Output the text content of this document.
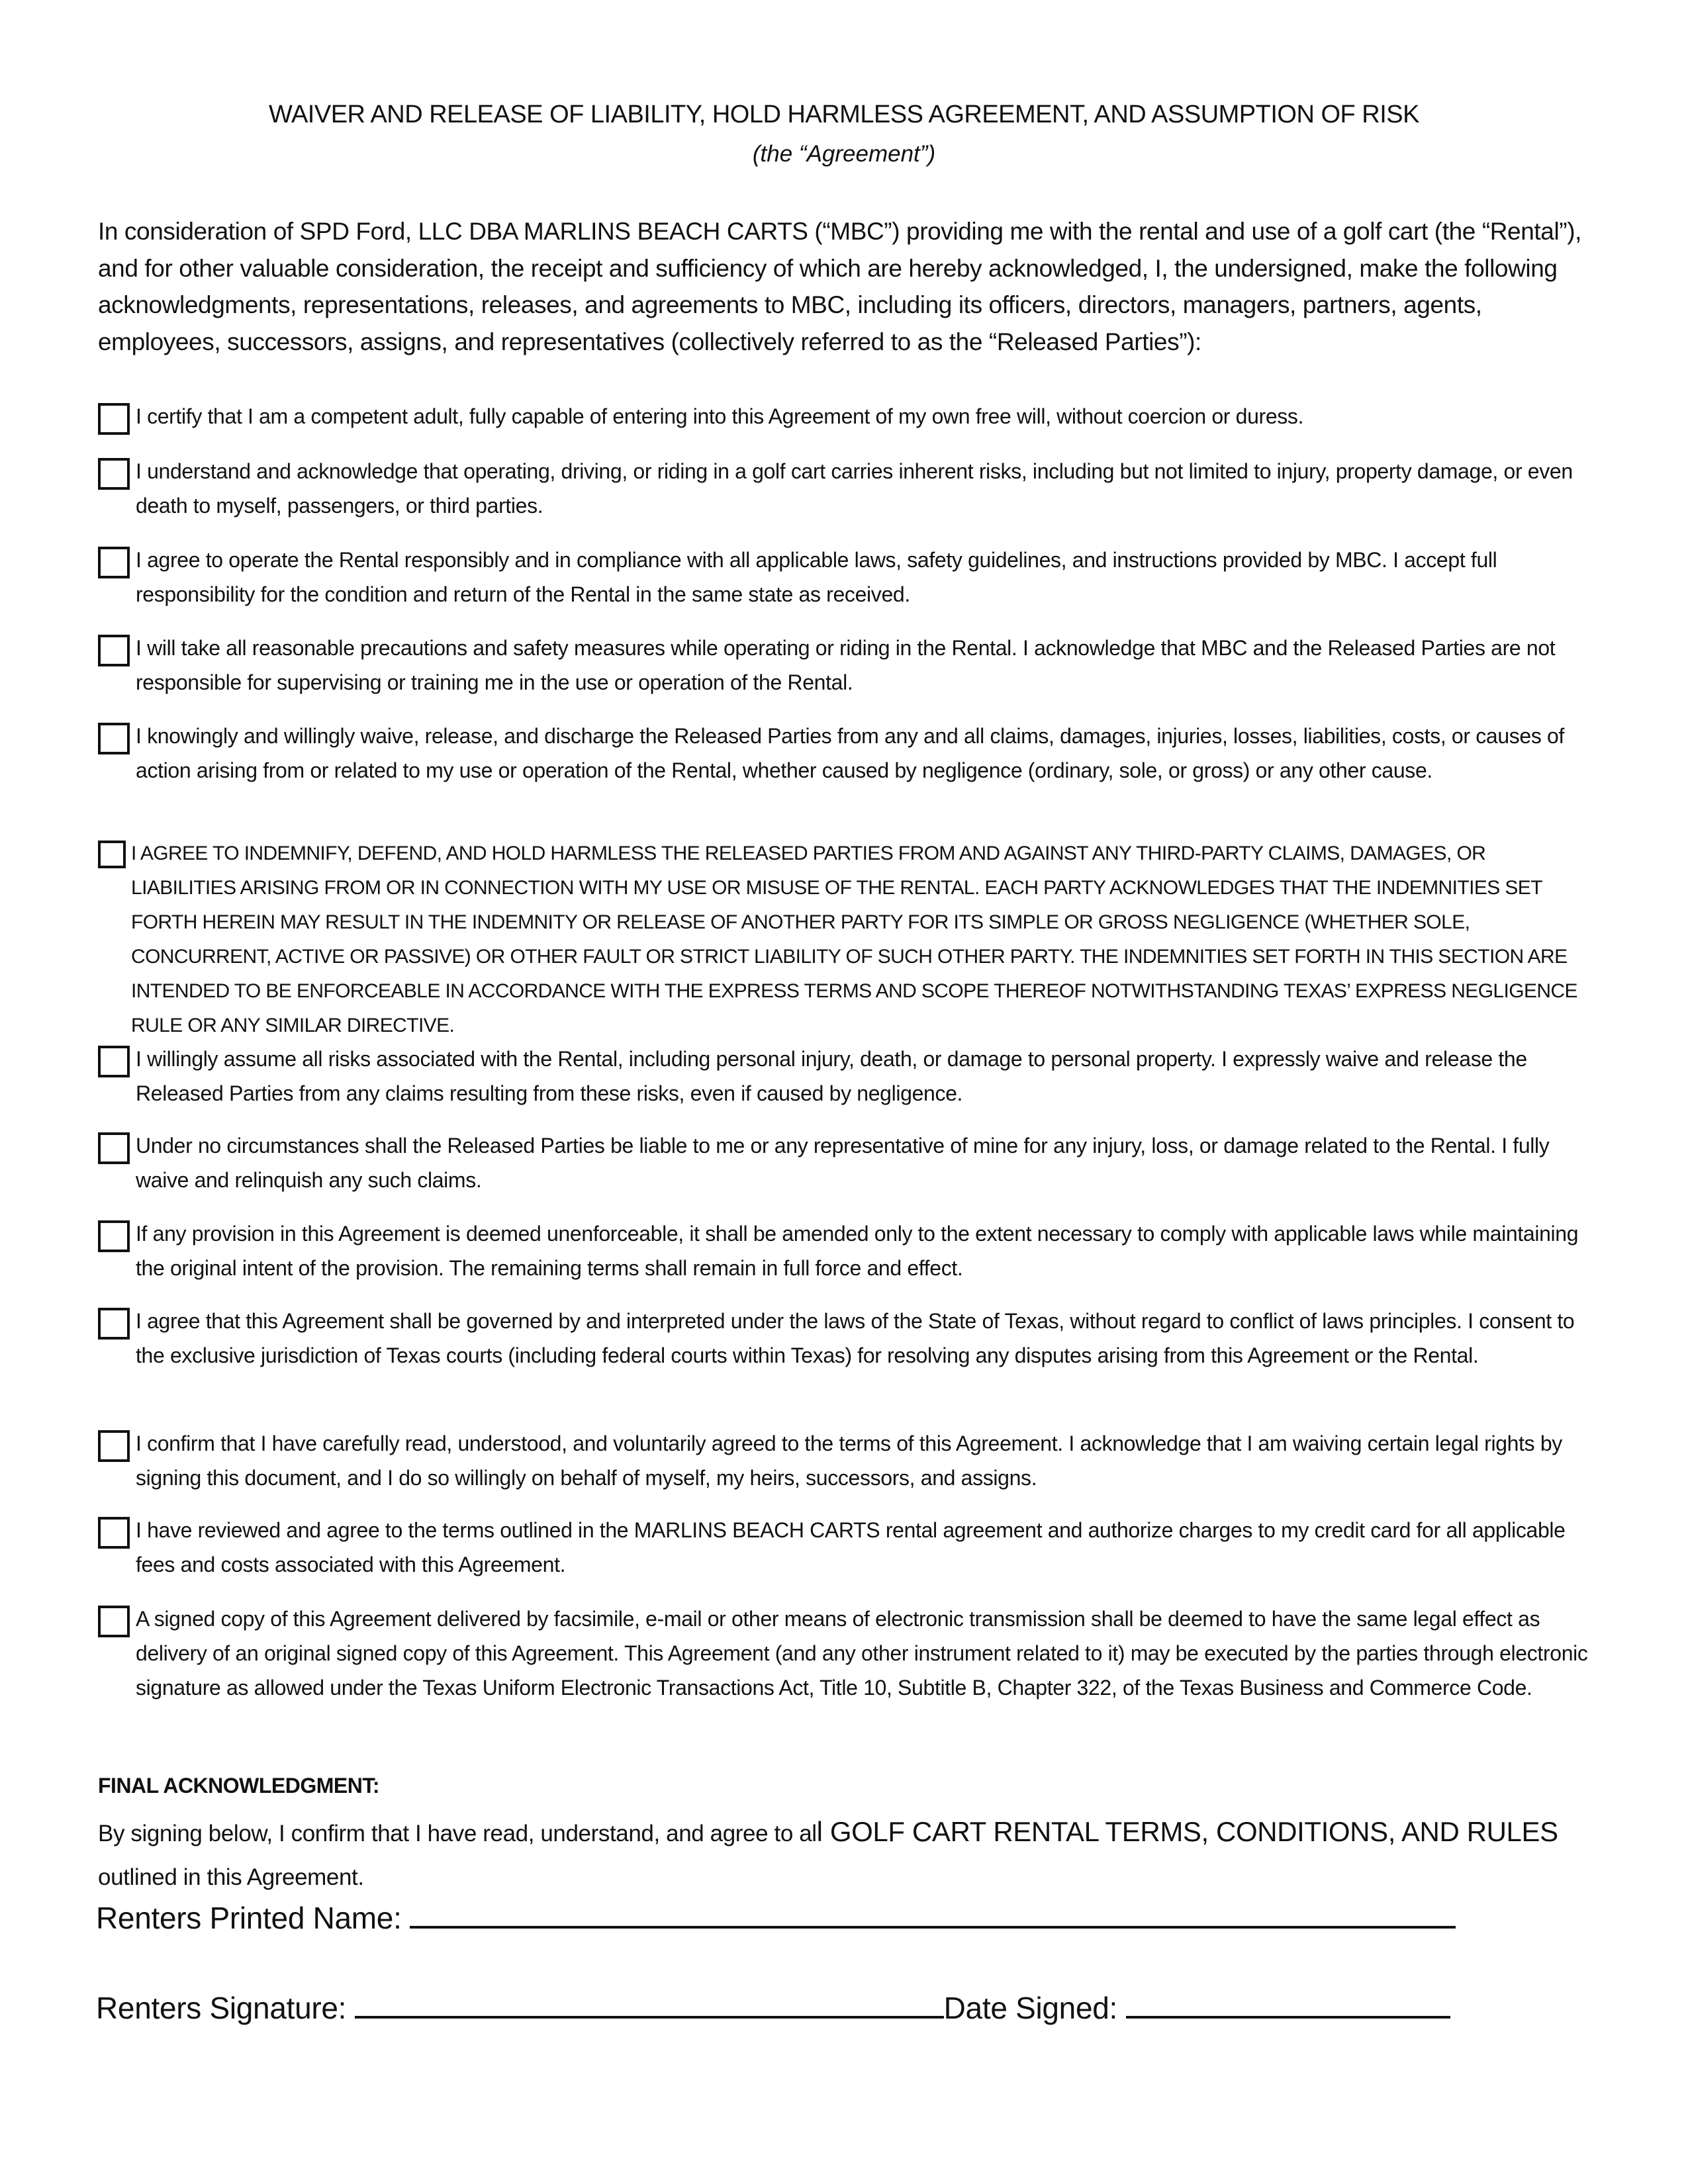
WAIVER AND RELEASE OF LIABILITY, HOLD HARMLESS AGREEMENT, AND ASSUMPTION OF RISK
(the “Agreement”)
In consideration of SPD Ford, LLC DBA MARLINS BEACH CARTS (“MBC”) providing me with the rental and use of a golf cart (the “Rental”), and for other valuable consideration, the receipt and sufficiency of which are hereby acknowledged, I, the undersigned, make the following acknowledgments, representations, releases, and agreements to MBC, including its officers, directors, managers, partners, agents, employees, successors, assigns, and representatives (collectively referred to as the “Released Parties”):
I certify that I am a competent adult, fully capable of entering into this Agreement of my own free will, without coercion or duress.
I understand and acknowledge that operating, driving, or riding in a golf cart carries inherent risks, including but not limited to injury, property damage, or even death to myself, passengers, or third parties.
I agree to operate the Rental responsibly and in compliance with all applicable laws, safety guidelines, and instructions provided by MBC. I accept full responsibility for the condition and return of the Rental in the same state as received.
I will take all reasonable precautions and safety measures while operating or riding in the Rental. I acknowledge that MBC and the Released Parties are not responsible for supervising or training me in the use or operation of the Rental.
I knowingly and willingly waive, release, and discharge the Released Parties from any and all claims, damages, injuries, losses, liabilities, costs, or causes of action arising from or related to my use or operation of the Rental, whether caused by negligence (ordinary, sole, or gross) or any other cause.
I AGREE TO INDEMNIFY, DEFEND, AND HOLD HARMLESS THE RELEASED PARTIES FROM AND AGAINST ANY THIRD-PARTY CLAIMS, DAMAGES, OR LIABILITIES ARISING FROM OR IN CONNECTION WITH MY USE OR MISUSE OF THE RENTAL. EACH PARTY ACKNOWLEDGES THAT THE INDEMNITIES SET FORTH HEREIN MAY RESULT IN THE INDEMNITY OR RELEASE OF ANOTHER PARTY FOR ITS SIMPLE OR GROSS NEGLIGENCE (WHETHER SOLE, CONCURRENT, ACTIVE OR PASSIVE) OR OTHER FAULT OR STRICT LIABILITY OF SUCH OTHER PARTY. THE INDEMNITIES SET FORTH IN THIS SECTION ARE INTENDED TO BE ENFORCEABLE IN ACCORDANCE WITH THE EXPRESS TERMS AND SCOPE THEREOF NOTWITHSTANDING TEXAS’ EXPRESS NEGLIGENCE RULE OR ANY SIMILAR DIRECTIVE.
I willingly assume all risks associated with the Rental, including personal injury, death, or damage to personal property. I expressly waive and release the Released Parties from any claims resulting from these risks, even if caused by negligence.
Under no circumstances shall the Released Parties be liable to me or any representative of mine for any injury, loss, or damage related to the Rental. I fully waive and relinquish any such claims.
If any provision in this Agreement is deemed unenforceable, it shall be amended only to the extent necessary to comply with applicable laws while maintaining the original intent of the provision. The remaining terms shall remain in full force and effect.
I agree that this Agreement shall be governed by and interpreted under the laws of the State of Texas, without regard to conflict of laws principles. I consent to the exclusive jurisdiction of Texas courts (including federal courts within Texas) for resolving any disputes arising from this Agreement or the Rental.
I confirm that I have carefully read, understood, and voluntarily agreed to the terms of this Agreement. I acknowledge that I am waiving certain legal rights by signing this document, and I do so willingly on behalf of myself, my heirs, successors, and assigns.
I have reviewed and agree to the terms outlined in the MARLINS BEACH CARTS rental agreement and authorize charges to my credit card for all applicable fees and costs associated with this Agreement.
A signed copy of this Agreement delivered by facsimile, e-mail or other means of electronic transmission shall be deemed to have the same legal effect as delivery of an original signed copy of this Agreement. This Agreement (and any other instrument related to it) may be executed by the parties through electronic signature as allowed under the Texas Uniform Electronic Transactions Act, Title 10, Subtitle B, Chapter 322, of the Texas Business and Commerce Code.
FINAL ACKNOWLEDGMENT:
By signing below, I confirm that I have read, understand, and agree to all GOLF CART RENTAL TERMS, CONDITIONS, AND RULES outlined in this Agreement.
Renters Printed Name:
Renters Signature:	Date Signed:
